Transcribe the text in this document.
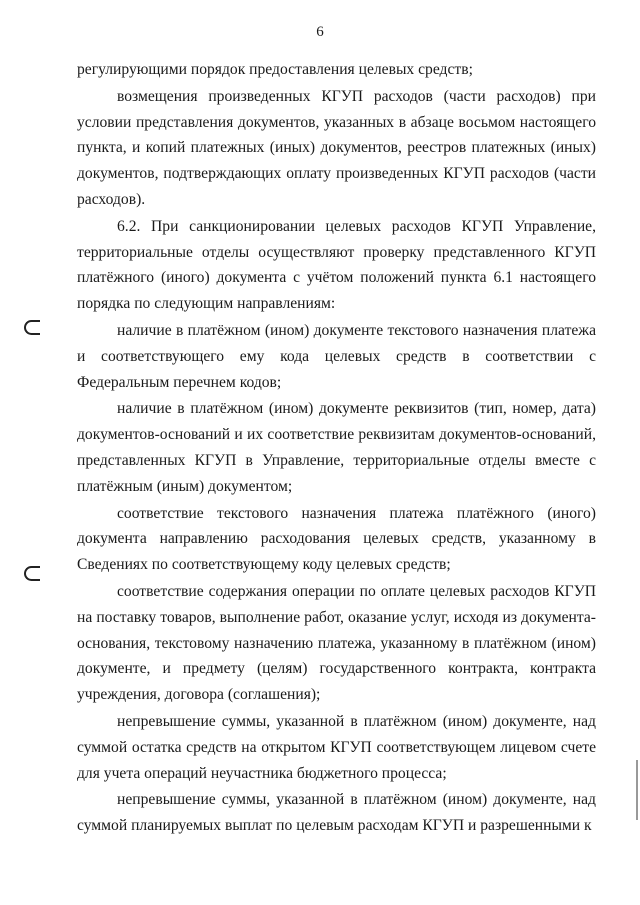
6

регулирующими порядок предоставления целевых средств;

возмещения произведенных КГУП расходов (части расходов) при условии представления документов, указанных в абзаце восьмом настоящего пункта, и копий платежных (иных) документов, реестров платежных (иных) документов, подтверждающих оплату произведенных КГУП расходов (части расходов).

6.2. При санкционировании целевых расходов КГУП Управление, территориальные отделы осуществляют проверку представленного КГУП платёжного (иного) документа с учётом положений пункта 6.1 настоящего порядка по следующим направлениям:

наличие в платёжном (ином) документе текстового назначения платежа и соответствующего ему кода целевых средств в соответствии с Федеральным перечнем кодов;

наличие в платёжном (ином) документе реквизитов (тип, номер, дата) документов-оснований и их соответствие реквизитам документов-оснований, представленных КГУП в Управление, территориальные отделы вместе с платёжным (иным) документом;

соответствие текстового назначения платежа платёжного (иного) документа направлению расходования целевых средств, указанному в Сведениях по соответствующему коду целевых средств;

соответствие содержания операции по оплате целевых расходов КГУП на поставку товаров, выполнение работ, оказание услуг, исходя из документа-основания, текстовому назначению платежа, указанному в платёжном (ином) документе, и предмету (целям) государственного контракта, контракта учреждения, договора (соглашения);

непревышение суммы, указанной в платёжном (ином) документе, над суммой остатка средств на открытом КГУП соответствующем лицевом счете для учета операций неучастника бюджетного процесса;

непревышение суммы, указанной в платёжном (ином) документе, над суммой планируемых выплат по целевым расходам КГУП и разрешенными к
